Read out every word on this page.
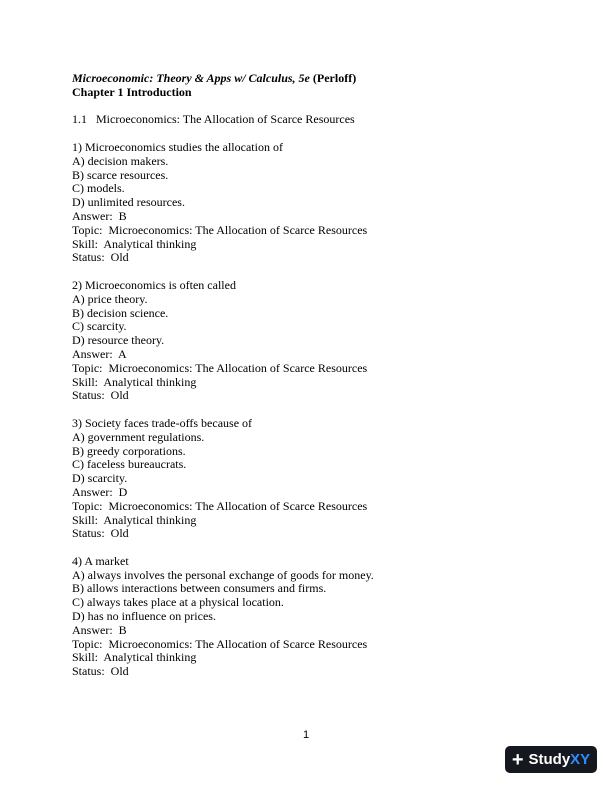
Microeconomic: Theory & Apps w/ Calculus, 5e (Perloff)
Chapter 1 Introduction
1.1   Microeconomics: The Allocation of Scarce Resources
1) Microeconomics studies the allocation of
A) decision makers.
B) scarce resources.
C) models.
D) unlimited resources.
Answer:  B
Topic:  Microeconomics: The Allocation of Scarce Resources
Skill:  Analytical thinking
Status:  Old
2) Microeconomics is often called
A) price theory.
B) decision science.
C) scarcity.
D) resource theory.
Answer:  A
Topic:  Microeconomics: The Allocation of Scarce Resources
Skill:  Analytical thinking
Status:  Old
3) Society faces trade-offs because of
A) government regulations.
B) greedy corporations.
C) faceless bureaucrats.
D) scarcity.
Answer:  D
Topic:  Microeconomics: The Allocation of Scarce Resources
Skill:  Analytical thinking
Status:  Old
4) A market
A) always involves the personal exchange of goods for money.
B) allows interactions between consumers and firms.
C) always takes place at a physical location.
D) has no influence on prices.
Answer:  B
Topic:  Microeconomics: The Allocation of Scarce Resources
Skill:  Analytical thinking
Status:  Old
1
+ StudyXY
